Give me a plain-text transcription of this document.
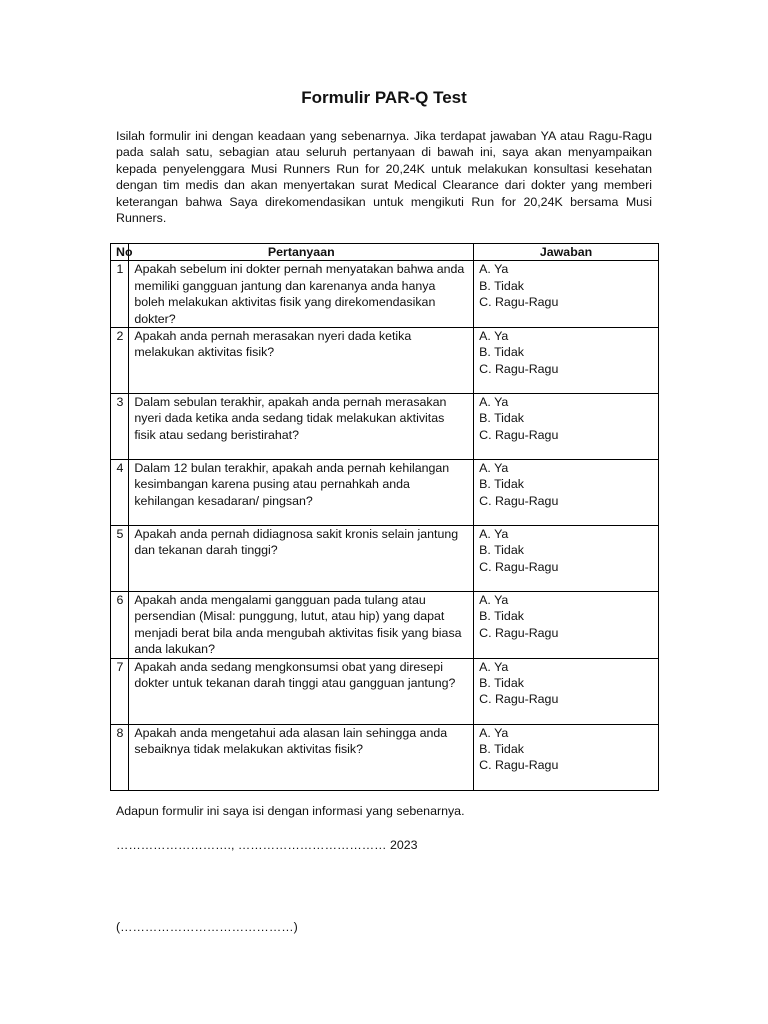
Formulir PAR-Q Test
Isilah formulir ini dengan keadaan yang sebenarnya. Jika terdapat jawaban YA atau Ragu-Ragu pada salah satu, sebagian atau seluruh pertanyaan di bawah ini, saya akan menyampaikan kepada penyelenggara Musi Runners Run for 20,24K untuk melakukan konsultasi kesehatan dengan tim medis dan akan menyertakan surat Medical Clearance dari dokter yang memberi keterangan bahwa Saya direkomendasikan untuk mengikuti Run for 20,24K bersama Musi Runners.
No	Pertanyaan	Jawaban
1	Apakah sebelum ini dokter pernah menyatakan bahwa anda memiliki gangguan jantung dan karenanya anda hanya boleh melakukan aktivitas fisik yang direkomendasikan dokter?	A. Ya
B. Tidak
C. Ragu-Ragu

2	Apakah anda pernah merasakan nyeri dada ketika melakukan aktivitas fisik?	A. Ya
B. Tidak
C. Ragu-Ragu

3	Dalam sebulan terakhir, apakah anda pernah merasakan nyeri dada ketika anda sedang tidak melakukan aktivitas fisik atau sedang beristirahat?	A. Ya
B. Tidak
C. Ragu-Ragu

4	Dalam 12 bulan terakhir, apakah anda pernah kehilangan kesimbangan karena pusing atau pernahkah anda kehilangan kesadaran/ pingsan?	A. Ya
B. Tidak
C. Ragu-Ragu

5	Apakah anda pernah didiagnosa sakit kronis selain jantung dan tekanan darah tinggi?	A. Ya
B. Tidak
C. Ragu-Ragu

6	Apakah anda mengalami gangguan pada tulang atau persendian (Misal: punggung, lutut, atau hip) yang dapat menjadi berat bila anda mengubah aktivitas fisik yang biasa anda lakukan?	A. Ya
B. Tidak
C. Ragu-Ragu

7	Apakah anda sedang mengkonsumsi obat yang diresepi dokter untuk tekanan darah tinggi atau gangguan jantung?	A. Ya
B. Tidak
C. Ragu-Ragu

8	Apakah anda mengetahui ada alasan lain sehingga anda sebaiknya tidak melakukan aktivitas fisik?	A. Ya
B. Tidak
C. Ragu-Ragu
Adapun formulir ini saya isi dengan informasi yang sebenarnya.
………………………., ……………………………… 2023
(……………………………………)
